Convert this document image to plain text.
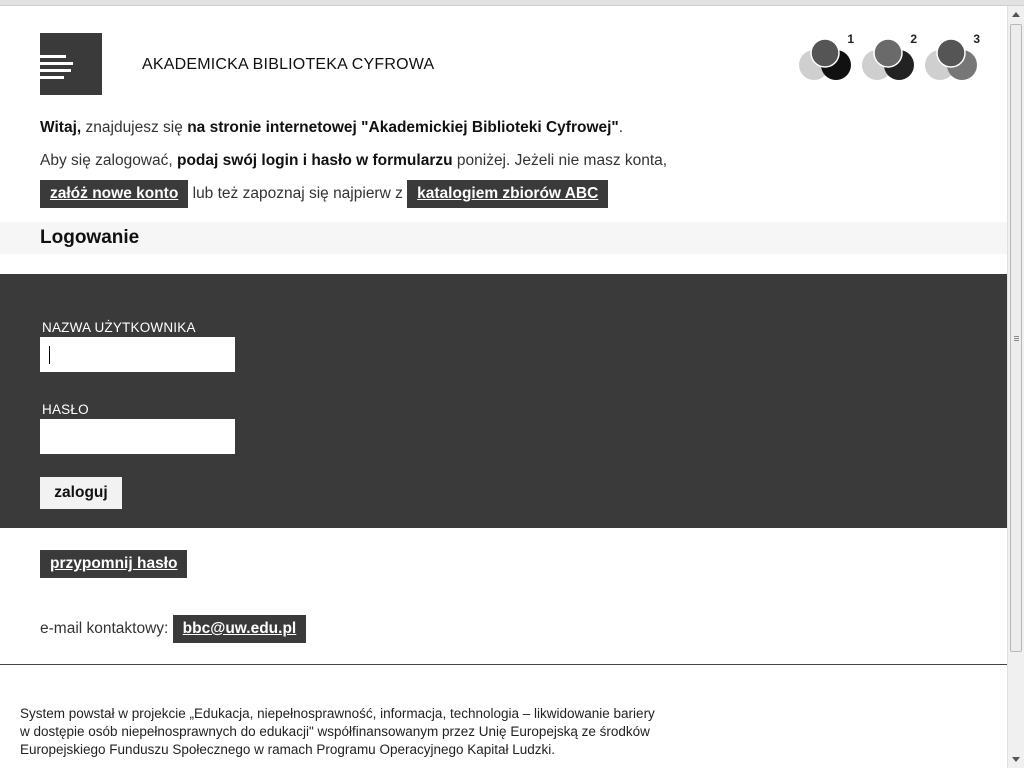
AKADEMICKA BIBLIOTEKA CYFROWA
1	2	3
Witaj, znajdujesz się na stronie internetowej "Akademickiej Biblioteki Cyfrowej".
Aby się zalogować, podaj swój login i hasło w formularzu poniżej. Jeżeli nie masz konta,
załóż nowe konto lub też zapoznaj się najpierw z katalogiem zbiorów ABC
Logowanie
NAZWA UŻYTKOWNIKA
HASŁO
zaloguj
przypomnij hasło
e-mail kontaktowy: bbc@uw.edu.pl
System powstał w projekcie „Edukacja, niepełnosprawność, informacja, technologia – likwidowanie bariery w dostępie osób niepełnosprawnych do edukacji" współfinansowanym przez Unię Europejską ze środków Europejskiego Funduszu Społecznego w ramach Programu Operacyjnego Kapitał Ludzki.
